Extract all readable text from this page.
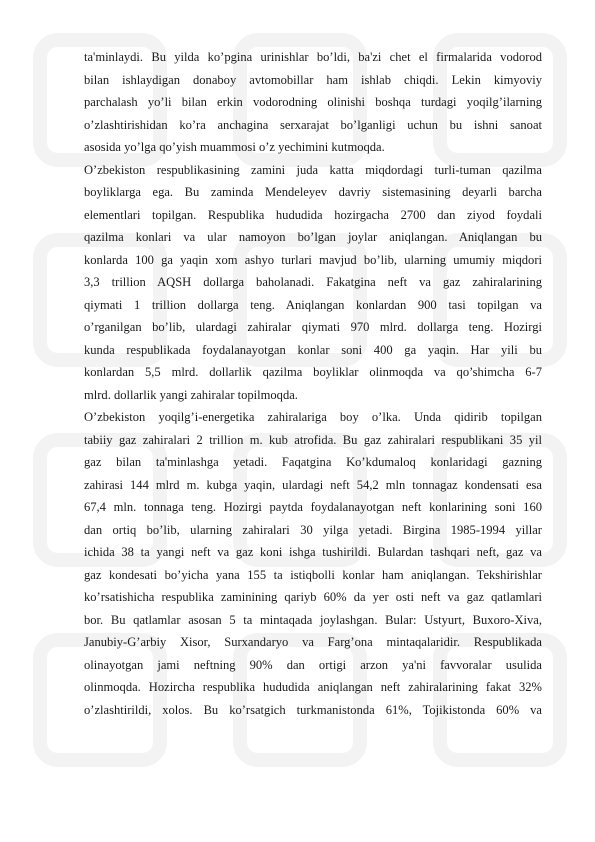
ta'minlaydi. Bu yilda ko’pgina urinishlar bo’ldi, ba'zi chet el firmalarida vodorod
bilan ishlaydigan donaboy avtomobillar ham ishlab chiqdi. Lekin kimyoviy
parchalash yo’li bilan erkin vodorodning olinishi boshqa turdagi yoqilg’ilarning
o’zlashtirishidan ko’ra anchagina serxarajat bo’lganligi uchun bu ishni sanoat
asosida yo’lga qo’yish muammosi o’z yechimini kutmoqda.
O’zbekiston respublikasining zamini juda katta miqdordagi turli-tuman qazilma
boyliklarga ega. Bu zaminda Mendeleyev davriy sistemasining deyarli barcha
elementlari topilgan. Respublika hududida hozirgacha 2700 dan ziyod foydali
qazilma konlari va ular namoyon bo’lgan joylar aniqlangan. Aniqlangan bu
konlarda 100 ga yaqin xom ashyo turlari mavjud bo’lib, ularning umumiy miqdori
3,3 trillion AQSH dollarga baholanadi. Fakatgina neft va gaz zahiralarining
qiymati 1 trillion dollarga teng. Aniqlangan konlardan 900 tasi topilgan va
o’rganilgan bo’lib, ulardagi zahiralar qiymati 970 mlrd. dollarga teng. Hozirgi
kunda respublikada foydalanayotgan konlar soni 400 ga yaqin. Har yili bu
konlardan 5,5 mlrd. dollarlik qazilma boyliklar olinmoqda va qo’shimcha 6-7
mlrd. dollarlik yangi zahiralar topilmoqda.
O’zbekiston yoqilg’i-energetika zahiralariga boy o’lka. Unda qidirib topilgan
tabiiy gaz zahiralari 2 trillion m. kub atrofida. Bu gaz zahiralari respublikani 35 yil
gaz bilan ta'minlashga yetadi. Faqatgina Ko’kdumaloq konlaridagi gazning
zahirasi 144 mlrd m. kubga yaqin, ulardagi neft 54,2 mln tonnagaz kondensati esa
67,4 mln. tonnaga teng. Hozirgi paytda foydalanayotgan neft konlarining soni 160
dan ortiq bo’lib, ularning zahiralari 30 yilga yetadi. Birgina 1985-1994 yillar
ichida 38 ta yangi neft va gaz koni ishga tushirildi. Bulardan tashqari neft, gaz va
gaz kondesati bo’yicha yana 155 ta istiqbolli konlar ham aniqlangan. Tekshirishlar
ko’rsatishicha respublika zaminining qariyb 60% da yer osti neft va gaz qatlamlari
bor. Bu qatlamlar asosan 5 ta mintaqada joylashgan. Bular: Ustyurt, Buxoro-Xiva,
Janubiy-G’arbiy Xisor, Surxandaryo va Farg’ona mintaqalaridir. Respublikada
olinayotgan jami neftning 90% dan ortigi arzon ya'ni favvoralar usulida
olinmoqda. Hozircha respublika hududida aniqlangan neft zahiralarining fakat 32%
o’zlashtirildi, xolos. Bu ko’rsatgich turkmanistonda 61%, Tojikistonda 60% va
